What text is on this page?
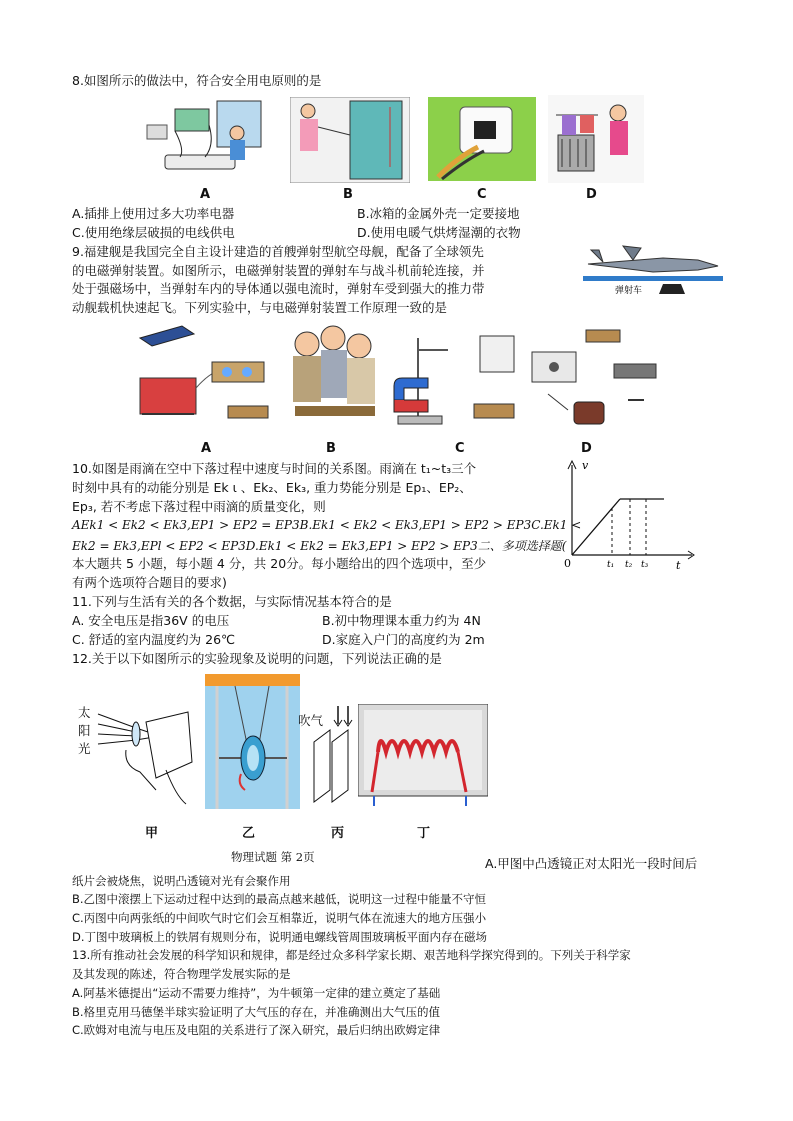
8.如图所示的做法中，符合安全用电原则的是
A	B	C	D
A.插排上使用过多大功率电器	B.冰箱的金属外壳一定要接地
C.使用绝缘层破损的电线供电	D.使用电暖气烘烤湿潮的衣物
9.福建舰是我国完全自主设计建造的首艘弹射型航空母舰，配备了全球领先
的电磁弹射装置。如图所示，电磁弹射装置的弹射车与战斗机前轮连接，并
处于强磁场中，当弹射车内的导体通以强电流时，弹射车受到强大的推力带
动舰载机快速起飞。下列实验中，与电磁弹射装置工作原理一致的是
弹射车
A	B	C	D
10.如图是雨滴在空中下落过程中速度与时间的关系图。雨滴在 t₁~t₃三个
时刻中具有的动能分别是 Ek ι 、Ek₂、Ek₃, 重力势能分别是 Ep₁、EP₂、
Ep₃, 若不考虑下落过程中雨滴的质量变化，则
AEk1 < Ek2 < Ek3,EP1 > EP2 = EP3B.Ek1 < Ek2 < Ek3,EP1 > EP2 > EP3C.Ek1 <
Ek2 = Ek3,EPl < EP2 < EP3D.Ek1 < Ek2 = Ek3,EP1 > EP2 > EP3二、多项选择题(
本大题共 5 小题，每小题 4 分，共 20分。每小题给出的四个选项中，至少
有两个选项符合题目的要求)
v
t
0	t₁ t₂ t₃
11.下列与生活有关的各个数据，与实际情况基本符合的是
A. 安全电压是指36V 的电压	B.初中物理课本重力约为 4N
C. 舒适的室内温度约为 26℃	D.家庭入户门的高度约为 2m
12.关于以下如图所示的实验现象及说明的问题，下列说法正确的是
太
阳
光
吹气
甲	乙	丙	丁
物理试题 第 2页	A.甲图中凸透镜正对太阳光一段时间后
纸片会被烧焦，说明凸透镜对光有会聚作用
B.乙图中滚摆上下运动过程中达到的最高点越来越低，说明这一过程中能量不守恒
C.丙图中向两张纸的中间吹气时它们会互相靠近，说明气体在流速大的地方压强小
D.丁图中玻璃板上的铁屑有规则分布，说明通电螺线管周围玻璃板平面内存在磁场
13.所有推动社会发展的科学知识和规律，都是经过众多科学家长期、艰苦地科学探究得到的。下列关于科学家
及其发现的陈述，符合物理学发展实际的是
A.阿基米德提出“运动不需要力维持”，为牛顿第一定律的建立奠定了基础
B.格里克用马德堡半球实验证明了大气压的存在，并准确测出大气压的值
C.欧姆对电流与电压及电阻的关系进行了深入研究，最后归纳出欧姆定律
